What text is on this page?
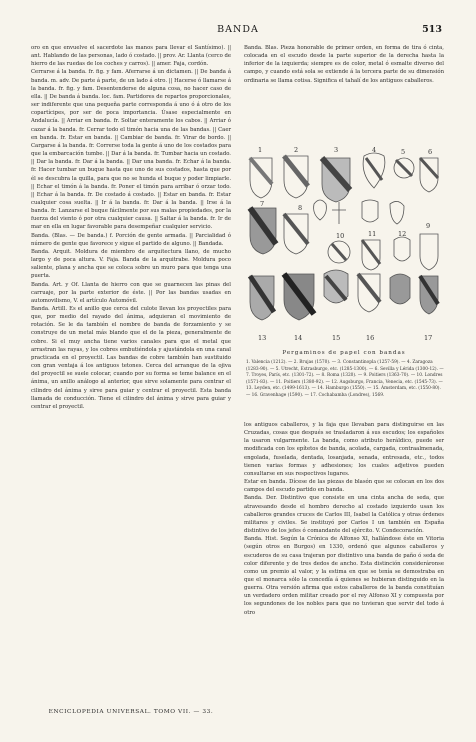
BANDA	513

oro en que envuelve el sacerdote las manos para llevar el Santísimo). || ant. Hablando de las personas, lado ó costado. || prov. Ar. Llanta (cerco de hierro de las ruedas de los coches y carros). || amer. Faja, cordón.

Cerrarse á la banda. fr. fig. y fam. Aferrarse á un dictamen. || De banda á banda. m. adv. De parte á parte, de un lado á otro. || Hacerse ó llamarse á la banda. fr. fig. y fam. Desentenderse de alguna cosa, no hacer caso de ella. || De banda á banda. loc. fam. Partidores de repartos proporcionales, ser indiferente que una pequeña parte corresponda á uno ó á otro de los copartícipes, por ser de poca importancia. Úsase especialmente en Andalucía. || Arriar en banda. fr. Soltar enteramente los cabos. || Arriar ó cazar á la banda. fr. Cerrar todo el timón hacia una de las bandas. || Caer en banda. fr. Estar en banda. || Cambiar de banda. fr. Virar de bordo. || Cargarse á la banda. fr. Correrse toda la gente á uno de los costados para que la embarcación tumbe. || Dar á la banda. fr. Tumbar hacia un costado. || Dar la banda. fr. Dar á la banda. || Dar una banda. fr. Echar á la banda. fr. Hacer tumbar un buque hasta que uno de sus costados, hasta que por él se descubra la quilla, para que no se hunda el buque y poder limpiarle. || Echar el timón á la banda. fr. Poner el timón para arribar ó orzar todo. || Echar á la banda. fr. De costado á costado. || Estar en banda. fr. Estar cualquier cosa suelta. || Ir á la banda. fr. Dar á la banda. || Irse á la banda. fr. Lanzarse el buque fácilmente por sus malas propiedades, por la fuerza del viento ó por otra cualquier causa. || Saltar á la banda. fr. Ir de mar en ella en lugar favorable para desempeñar cualquier servicio.

Banda. (Blas. — De banda.) f. Porción de gente armada. || Parcialidad ó número de gente que favorece y sigue el partido de alguno. || Bandada.

Banda. Arquit. Moldura de miembro de arquitectura llano, de mucho largo y de poca altura. V. Faja. Banda de la arquitrabe. Moldura poco saliente, plana y ancha que se coloca sobre un muro para que tenga una puerta.

Banda. Art. y Of. Llanta de hierro con que se guarnecen las pinas del carruaje, por la parte exterior de éste. || Por las bandas usadas en automovilismo, V. el artículo Automóvil.

Banda. Artill. Es el anillo que cerca del culote llevan los proyectiles para que, por medio del rayado del ánima, adquieran el movimiento de rotación. Se le da también el nombre de banda de forzamiento y se construye de un metal más blando que el de la pieza, generalmente de cobre. Si el muy ancha tiene varios canales para que el metal que arrastran las rayas, y los cobres embutiéndola y ajustándola en una canal practicada en el proyectil. Las bandas de cobre también han sustituido con gran ventaja á los antiguos tetones. Cerca del arranque de la ojiva del proyectil se suele colocar, cuando por su forma se teme balance en el ánima, un anillo análogo al anterior, que sirve solamente para centrar el cilindro del ánima y sirve para guiar y centrar el proyectil. Esta banda llamada de conducción. Tiene el cilindro del ánima y sirve para guiar y centrar el proyectil.

Banda. Blas. Pieza honorable de primer orden, en forma de tira ó cinta, colocada en el escudo desde la parte superior de la derecha hasta la inferior de la izquierda; siempre es de color, metal ó esmalte diverso del campo, y cuando está sola se extiende á la tercera parte de su dimensión ordinaria se llama cotisa. Significa el tahalí de los antiguos caballeros.

1	2	3	4	5	6
7	8
9
10	11	12
13	14	15	16	17
Pergaminos de papel con bandas
1. Valencia (1212). — 2. Brujas (1570). — 3. Constantinopla (1257-59). — 4. Zaragoza (1283-90). — 5. Utrecht, Estrasburgo, etc. (1285-1300). — 6. Sevilla y Lérida (1300-12). — 7. Troyes, París, etc. (1301-72). — 8. Roma (1320). — 9. Poitiers (1363-70). — 10. Londres (1571-83). — 11. Poitiers (1380-92). — 12. Augsburgo, Francia, Venecia, etc. (1545-73). — 13. Leyden, etc. (1499-1613). — 14. Hamburgo (1550). — 15. Ámsterdam, etc. (1550-80). — 16. Gravenhage (1590). — 17. Cochabamba (Londres), 1569.

los antiguos caballeros, y la faja que llevaban para distinguirse en las Cruzadas, cosas que después se trasladaron á sus escudos; los españoles la usaron vulgarmente. La banda, como atributo heráldico, puede ser modificada con los epítetos de banda, acolada, cargada, contraalmenada, engolada, fuselada, dentada, losanjada, senada, entresada, etc., todos tienen varias formas y adhesiones; los cuales adjetivos pueden consultarse en sus respectivos lugares.

Estar en banda. Dícese de las piezas de blasón que se colocan en los dos campos del escudo partido en banda.

Banda. Der. Distintivo que consiste en una cinta ancha de seda, que atravesando desde el hombro derecho al costado izquierdo usan los caballeros grandes cruces de Carlos III, Isabel la Católica y otras órdenes militares y civiles. Se instituyó por Carlos I un también en España distintivo de los jefes ó comandante del ejército. V. Condecoración.

Banda. Hist. Según la Crónica de Alfonso XI, hallándose éste en Vitoria (según otros en Burgos) en 1330, ordenó que algunos caballeros y escuderos de su casa trajeran por distintivo una banda de paño ó seda de color diferente y de tres dedos de ancho. Esta distinción consideráronse como un premio al valor, y la estima en que se tenía se demostraba en que el monarca sólo la concedía á quienes se hubieran distinguido en la guerra. Otra versión afirma que estos caballeros de la banda constituían un verdadero orden militar creado por el rey Alfonso XI y compuesta por los segundones de los nobles para que no tuvieran que servir del todo á otro

ENCICLOPEDIA UNIVERSAL. TOMO VII. — 33.
